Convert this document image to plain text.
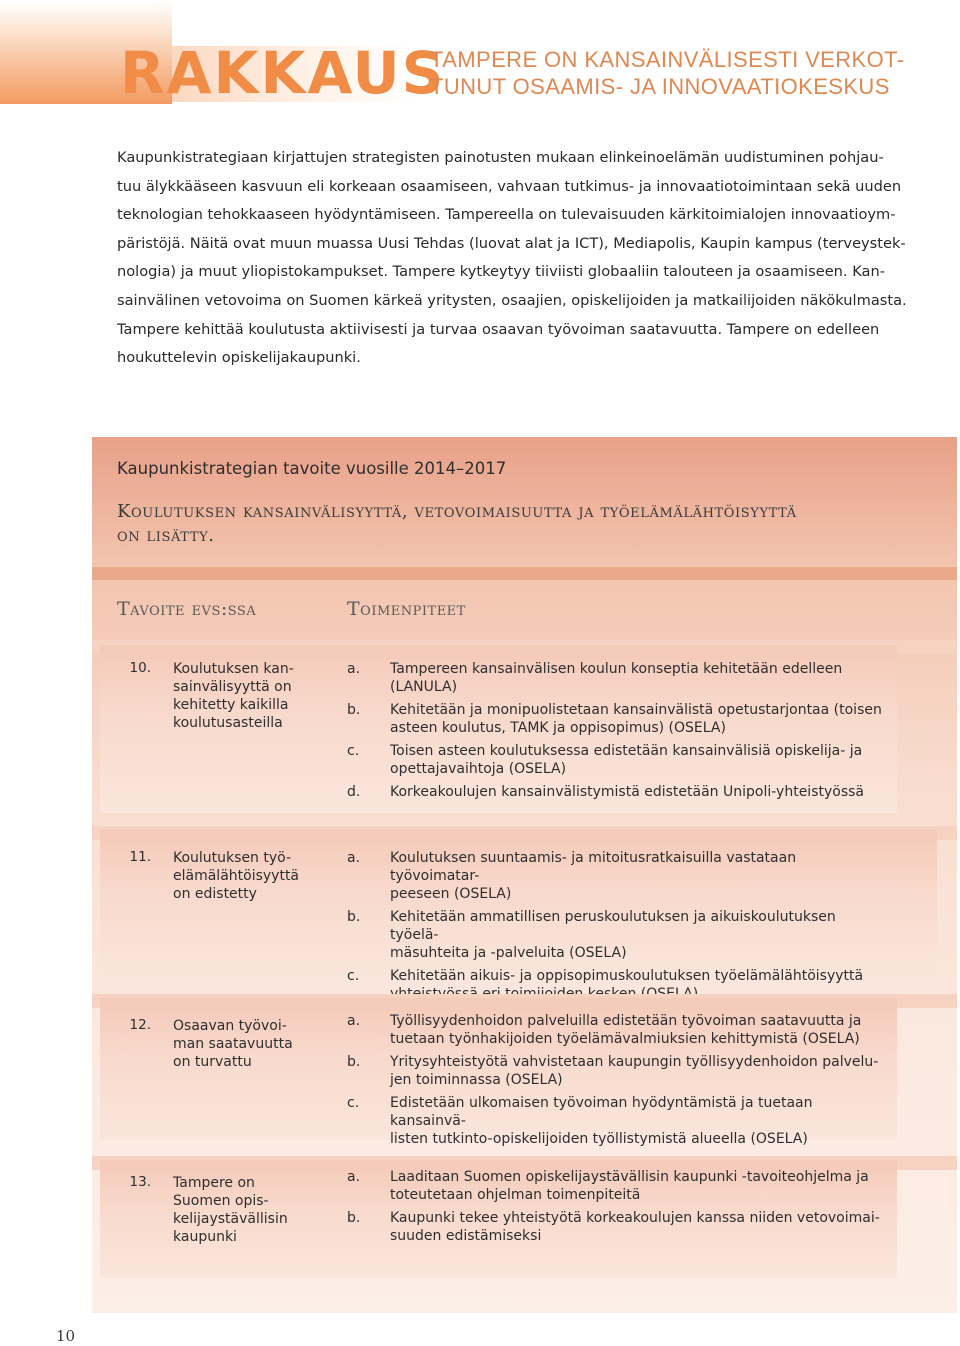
RAKKAUS
TAMPERE ON KANSAINVÄLISESTI VERKOT-
TUNUT OSAAMIS- JA INNOVAATIOKESKUS
Kaupunkistrategiaan kirjattujen strategisten painotusten mukaan elinkeinoelämän uudistuminen pohjau-
tuu älykkääseen kasvuun eli korkeaan osaamiseen, vahvaan tutkimus- ja innovaatiotoimintaan sekä uuden
teknologian tehokkaaseen hyödyntämiseen. Tampereella on tulevaisuuden kärkitoimialojen innovaatioym-
päristöjä. Näitä ovat muun muassa Uusi Tehdas (luovat alat ja ICT), Mediapolis, Kaupin kampus (terveystek-
nologia) ja muut yliopistokampukset. Tampere kytkeytyy tiiviisti globaaliin talouteen ja osaamiseen. Kan-
sainvälinen vetovoima on Suomen kärkeä yritysten, osaajien, opiskelijoiden ja matkailijoiden näkökulmasta.
Tampere kehittää koulutusta aktiivisesti ja turvaa osaavan työvoiman saatavuutta. Tampere on edelleen
houkuttelevin opiskelijakaupunki.
Kaupunkistrategian tavoite vuosille 2014–2017
Koulutuksen kansainvälisyyttä, vetovoimaisuutta ja työelämälähtöisyyttä
on lisätty.
Tavoite evs:ssa	Toimenpiteet
10. Koulutuksen kan-
sainvälisyyttä on
kehitetty kaikilla
koulutusasteilla
a. Tampereen kansainvälisen koulun konseptia kehitetään edelleen
(LANULA)
b. Kehitetään ja monipuolistetaan kansainvälistä opetustarjontaa (toisen
asteen koulutus, TAMK ja oppisopimus) (OSELA)
c. Toisen asteen koulutuksessa edistetään kansainvälisiä opiskelija- ja
opettajavaihtoja (OSELA)
d. Korkeakoulujen kansainvälistymistä edistetään Unipoli-yhteistyössä
11. Koulutuksen työ-
elämälähtöisyyttä
on edistetty
a. Koulutuksen suuntaamis- ja mitoitusratkaisuilla vastataan työvoimatar-
peeseen (OSELA)
b. Kehitetään ammatillisen peruskoulutuksen ja aikuiskoulutuksen työelä-
mäsuhteita ja -palveluita (OSELA)
c. Kehitetään aikuis- ja oppisopimuskoulutuksen työelämälähtöisyyttä
12. Osaavan työvoi-
man saatavuutta
on turvattu
a. Työllisyydenhoidon palveluilla edistetään työvoiman saatavuutta ja
tuetaan työnhakijoiden työelämävalmiuksien kehittymistä (OSELA)
b. Yritysyhteistyötä vahvistetaan kaupungin työllisyydenhoidon palvelu-
jen toiminnassa (OSELA)
c. Edistetään ulkomaisen työvoiman hyödyntämistä ja tuetaan kansainvä-
listen tutkinto-opiskelijoiden työllistymistä alueella (OSELA)
13. Tampere on
Suomen opis-
kelijaystävällisin
kaupunki
a. Laaditaan Suomen opiskelijaystävällisin kaupunki -tavoiteohjelma ja
toteutetaan ohjelman toimenpiteitä
b. Kaupunki tekee yhteistyötä korkeakoulujen kanssa niiden vetovoimai-
suuden edistämiseksi
10
